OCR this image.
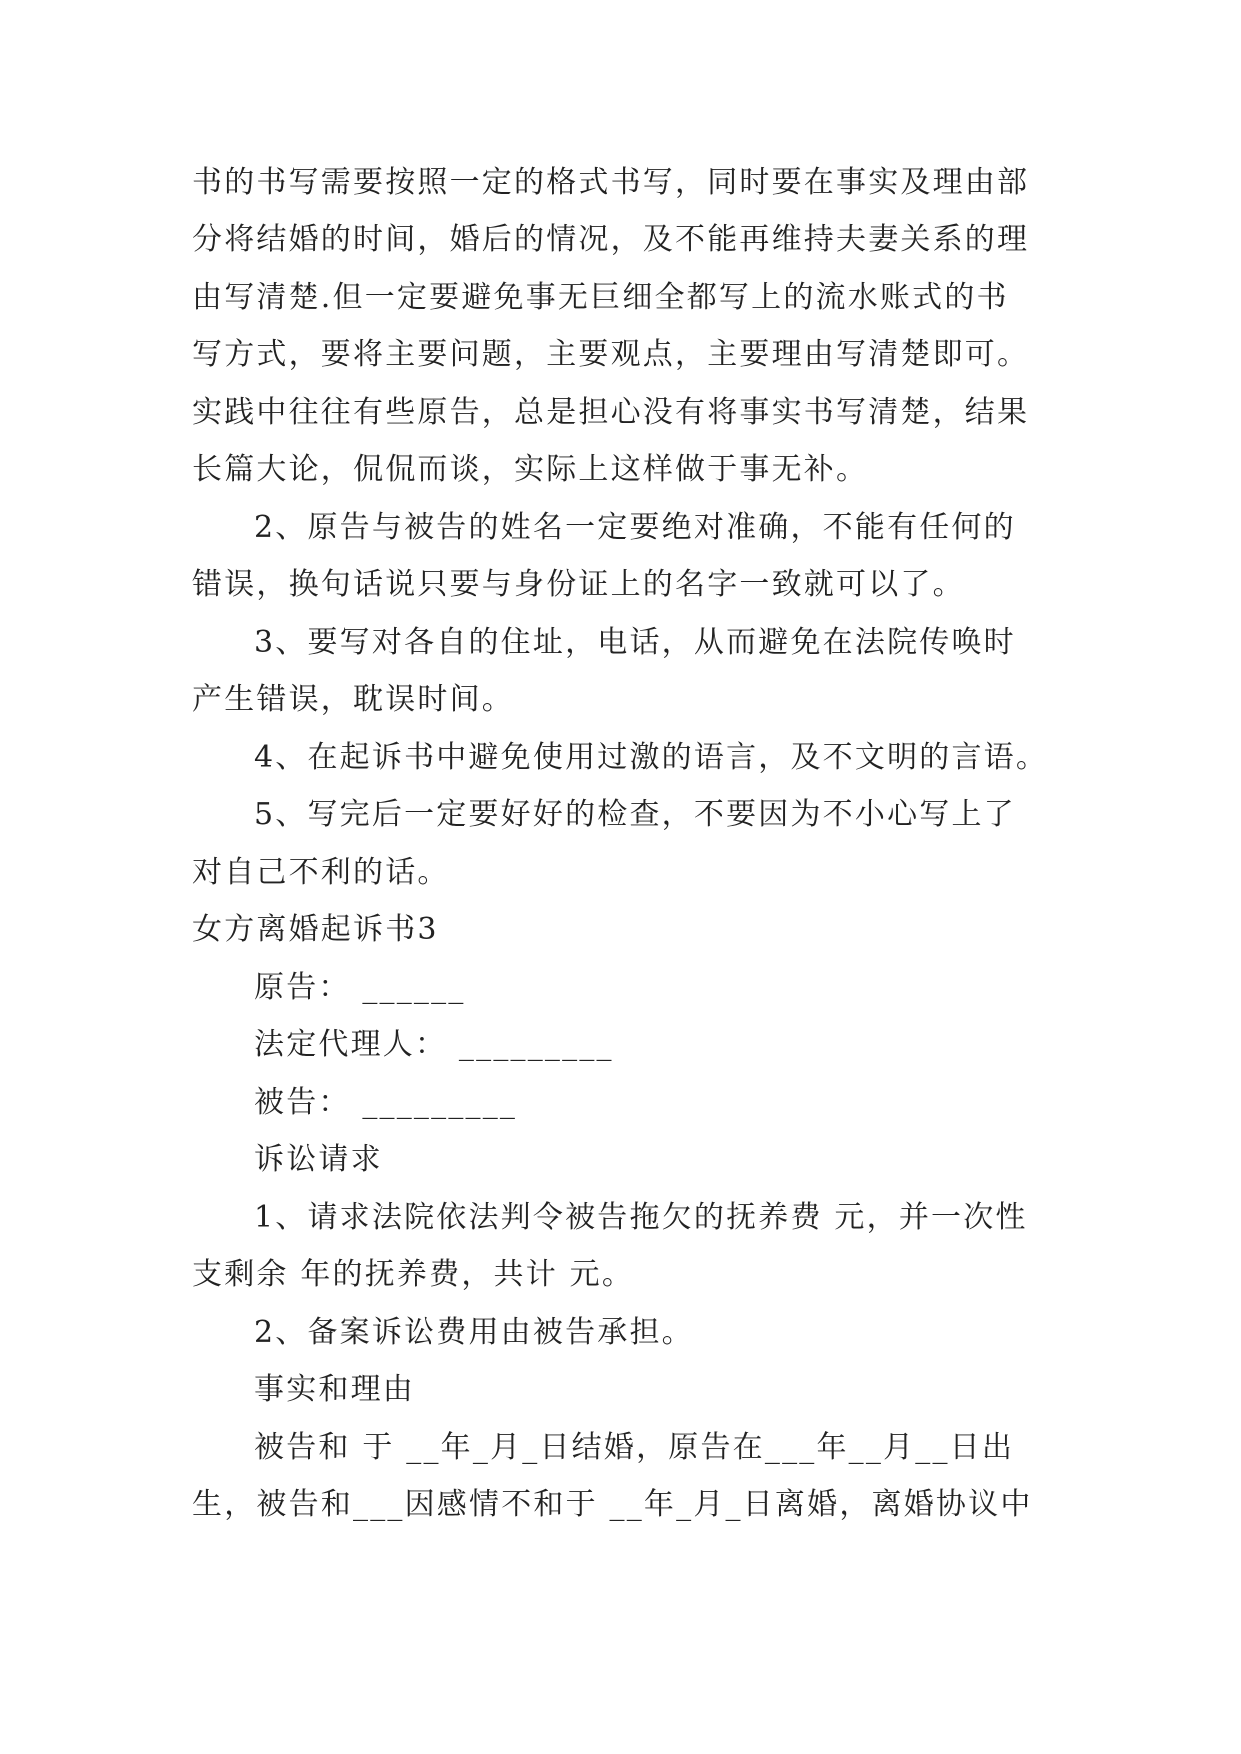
书的书写需要按照一定的格式书写，同时要在事实及理由部
分将结婚的时间，婚后的情况，及不能再维持夫妻关系的理
由写清楚.但一定要避免事无巨细全都写上的流水账式的书
写方式，要将主要问题，主要观点，主要理由写清楚即可。
实践中往往有些原告，总是担心没有将事实书写清楚，结果
长篇大论，侃侃而谈，实际上这样做于事无补。
2、原告与被告的姓名一定要绝对准确，不能有任何的
错误，换句话说只要与身份证上的名字一致就可以了。
3、要写对各自的住址，电话，从而避免在法院传唤时
产生错误，耽误时间。
4、在起诉书中避免使用过激的语言，及不文明的言语。
5、写完后一定要好好的检查，不要因为不小心写上了
对自己不利的话。
女方离婚起诉书3
原告： ______
法定代理人： _________
被告： _________
诉讼请求
1、请求法院依法判令被告拖欠的抚养费 元，并一次性
支剩余 年的抚养费，共计 元。
2、备案诉讼费用由被告承担。
事实和理由
被告和 于 __年_月_日结婚，原告在___年__月__日出
生，被告和___因感情不和于 __年_月_日离婚，离婚协议中
